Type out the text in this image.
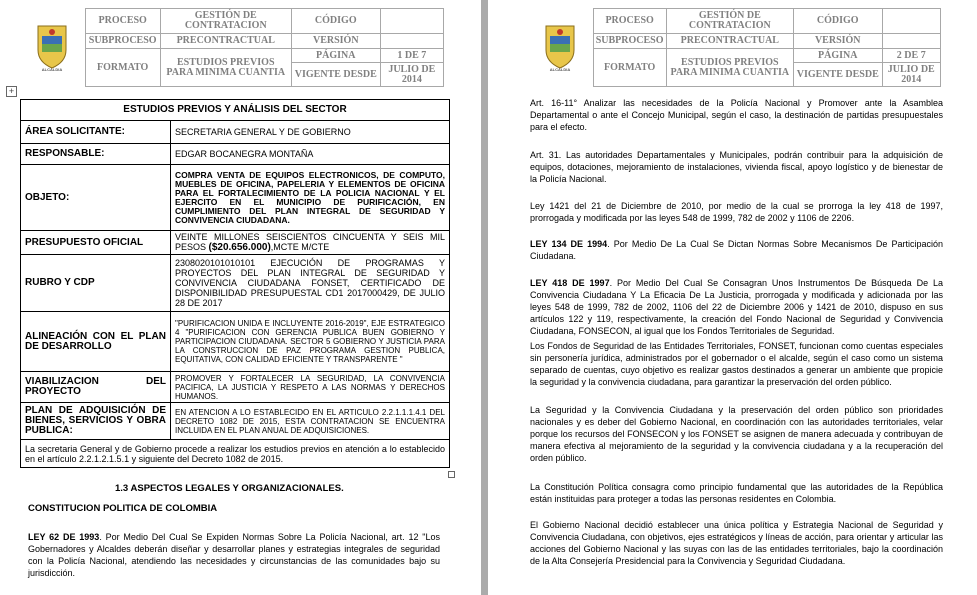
ALCALDIA	PROCESO	GESTIÓN DE CONTRATACION	CÓDIGO	
	SUBPROCESO	PRECONTRACTUAL	VERSIÓN	
	FORMATO	ESTUDIOS PREVIOS PARA MINIMA CUANTIA	PÁGINA	1 DE 7
			VIGENTE DESDE	JULIO DE 2014
+
ESTUDIOS PREVIOS Y ANÁLISIS DEL SECTOR	
ÁREA SOLICITANTE:	SECRETARIA GENERAL Y DE GOBIERNO
RESPONSABLE:	EDGAR BOCANEGRA MONTAÑA
OBJETO:	COMPRA VENTA DE EQUIPOS ELECTRONICOS, DE COMPUTO, MUEBLES DE OFICINA, PAPELERIA Y ELEMENTOS DE OFICINA PARA EL FORTALECIMIENTO DE LA POLICIA NACIONAL Y EL EJERCITO EN EL MUNICIPIO DE PURIFICACIÓN, EN CUMPLIMIENTO DEL PLAN INTEGRAL DE SEGURIDAD Y CONVIVENCIA CIUDADANA.
PRESUPUESTO OFICIAL	VEINTE MILLONES SEISCIENTOS CINCUENTA Y SEIS MIL PESOS ($20.656.000),MCTE M/CTE
RUBRO Y CDP	2308020101010101 EJECUCIÓN DE PROGRAMAS Y PROYECTOS DEL PLAN INTEGRAL DE SEGURIDAD Y CONVIVENCIA CIUDADANA FONSET, CERTIFICADO DE DISPONIBILIDAD PRESUPUESTAL CD1 2017000429, DE JULIO 28 DE 2017
ALINEACIÓN CON EL PLAN DE DESARROLLO	"PURIFICACION UNIDA E INCLUYENTE 2016-2019", EJE ESTRATEGICO 4 "PURIFICACION CON GERENCIA PUBLICA BUEN GOBIERNO Y PARTICIPACION CIUDADANA. SECTOR 5 GOBIERNO Y JUSTICIA PARA LA CONSTRUCCION DE PAZ PROGRAMA GESTION PUBLICA, EQUITATIVA, CON CALIDAD EFICIENTE Y TRANSPARENTE "
VIABILIZACION DEL PROYECTO	PROMOVER Y FORTALECER LA SEGURIDAD, LA CONVIVENCIA PACIFICA, LA JUSTICIA Y RESPETO A LAS NORMAS Y DERECHOS HUMANOS.
PLAN DE ADQUISICIÓN DE BIENES, SERVICIOS Y OBRA PUBLICA:	EN ATENCION A LO ESTABLECIDO EN EL ARTICULO 2.2.1.1.1.4.1 DEL DECRETO 1082 DE 2015, ESTA CONTRATACION SE ENCUENTRA INCLUIDA EN EL PLAN ANUAL DE ADQUISICIONES.
La secretaria General y de Gobierno procede a realizar los estudios previos en atención a lo establecido en el artículo 2.2.1.2.1.5.1 y siguiente del Decreto 1082 de 2015.	
1.3 ASPECTOS LEGALES Y ORGANIZACIONALES.
CONSTITUCION POLITICA DE COLOMBIA
LEY 62 DE 1993. Por Medio Del Cual Se Expiden Normas Sobre La Policía Nacional, art. 12 "Los Gobernadores y Alcaldes deberán diseñar y desarrollar planes y estrategias integrales de seguridad con la Policía Nacional, atendiendo las necesidades y circunstancias de las comunidades bajo su jurisdicción.
ALCALDIA	PROCESO	GESTIÓN DE CONTRATACION	CÓDIGO	
	SUBPROCESO	PRECONTRACTUAL	VERSIÓN	
	FORMATO	ESTUDIOS PREVIOS PARA MINIMA CUANTIA	PÁGINA	2 DE 7
			VIGENTE DESDE	JULIO DE 2014
Art. 16-11° Analizar las necesidades de la Policía Nacional y Promover ante la Asamblea Departamental o ante el Concejo Municipal, según el caso, la destinación de partidas presupuestales para el efecto.
Art. 31. Las autoridades Departamentales y Municipales, podrán contribuir para la adquisición de equipos, dotaciones, mejoramiento de instalaciones, vivienda fiscal, apoyo logístico y de bienestar de la Policía Nacional.
Ley 1421 del 21 de Diciembre de 2010, por medio de la cual se prorroga la ley 418 de 1997, prorrogada y modificada por las leyes 548 de 1999, 782 de 2002 y 1106 de 2206.
LEY 134 DE 1994. Por Medio De La Cual Se Dictan Normas Sobre Mecanismos De Participación Ciudadana.
LEY 418 DE 1997. Por Medio Del Cual Se Consagran Unos Instrumentos De Búsqueda De La Convivencia Ciudadana Y La Eficacia De La Justicia, prorrogada y modificada y adicionada por las leyes 548 de 1999, 782 de 2002, 1106 del 22 de Diciembre 2006 y 1421 de 2010, dispuso en sus artículos 122 y 119, respectivamente, la creación del Fondo Nacional de Seguridad y Convivencia Ciudadana, FONSECON, al igual que los Fondos Territoriales de Seguridad.
Los Fondos de Seguridad de las Entidades Territoriales, FONSET, funcionan como cuentas especiales sin personería jurídica, administrados por el gobernador o el alcalde, según el caso como un sistema separado de cuentas, cuyo objetivo es realizar gastos destinados a generar un ambiente que propicie la seguridad y la convivencia ciudadana, para garantizar la preservación del orden público.
La Seguridad y la Convivencia Ciudadana y la preservación del orden público son prioridades nacionales y es deber del Gobierno Nacional, en coordinación con las autoridades territoriales, velar porque los recursos del FONSECON y los FONSET se asignen de manera adecuada y contribuyan de manera efectiva al mejoramiento de la seguridad y la convivencia ciudadana y a la recuperación del orden público.
La Constitución Política consagra como principio fundamental que las autoridades de la República están instituidas para proteger a todas las personas residentes en Colombia.
El Gobierno Nacional decidió establecer una única política y Estrategia Nacional de Seguridad y Convivencia Ciudadana, con objetivos, ejes estratégicos y líneas de acción, para orientar y articular las acciones del Gobierno Nacional y las suyas con las de las entidades territoriales, bajo la coordinación de la Alta Consejería Presidencial para la Convivencia y Seguridad Ciudadana.
